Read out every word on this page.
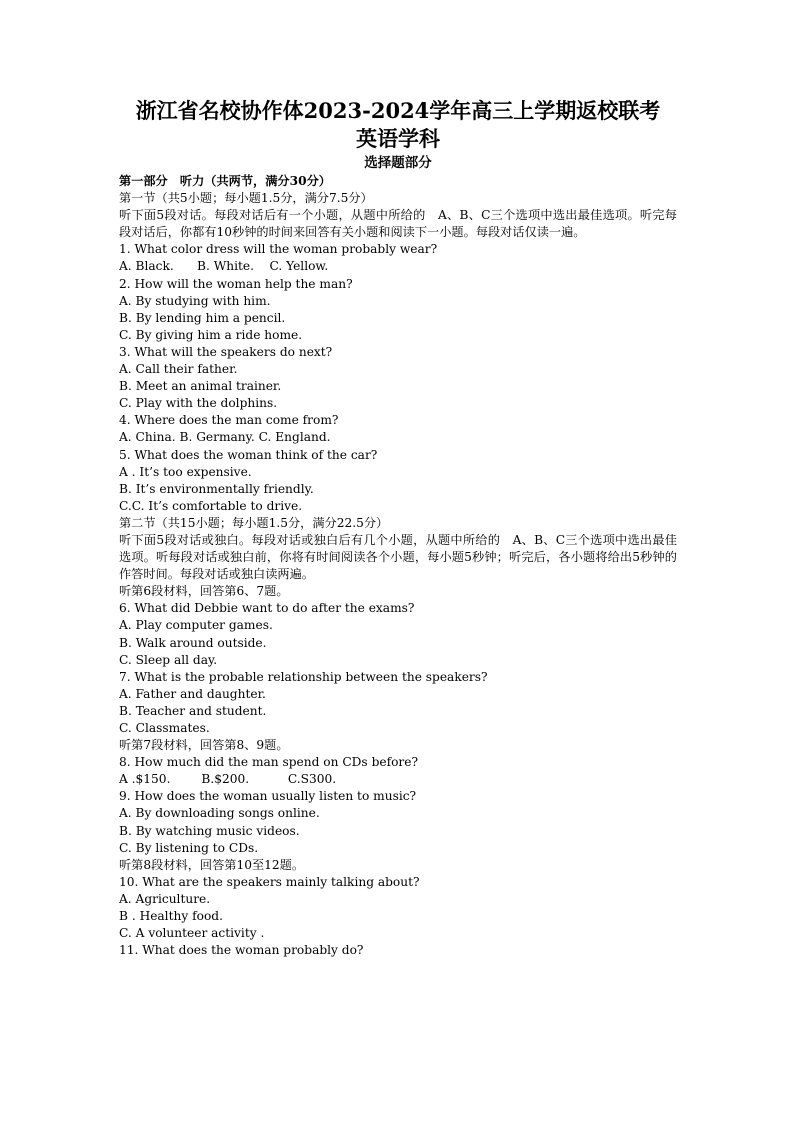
浙江省名校协作体2023-2024学年高三上学期返校联考
英语学科
选择题部分
第一部分　听力（共两节，满分30分）
第一节（共5小题；每小题1.5分，满分7.5分）
听下面5段对话。每段对话后有一个小题，从题中所给的　A、B、C三个选项中选出最佳选项。听完每段对话后，你都有10秒钟的时间来回答有关小题和阅读下一小题。每段对话仅读一遍。
1. What color dress will the woman probably wear?
A. Black.      B. White.    C. Yellow.
2. How will the woman help the man?
A. By studying with him.
B. By lending him a pencil.
C. By giving him a ride home.
3. What will the speakers do next?
A. Call their father.
B. Meet an animal trainer.
C. Play with the dolphins.
4. Where does the man come from?
A. China. B. Germany. C. England.
5. What does the woman think of the car?
A . It’s too expensive.
B. It’s environmentally friendly.
C.C. It’s comfortable to drive.
第二节（共15小题；每小题1.5分，满分22.5分）
听下面5段对话或独白。每段对话或独白后有几个小题，从题中所给的　A、B、C三个选项中选出最佳选项。听每段对话或独白前，你将有时间阅读各个小题，每小题5秒钟；听完后，各小题将给出5秒钟的作答时间。每段对话或独白读两遍。
听第6段材料，回答第6、7题。
6. What did Debbie want to do after the exams?
A. Play computer games.
B. Walk around outside.
C. Sleep all day.
7. What is the probable relationship between the speakers?
A. Father and daughter.
B. Teacher and student.
C. Classmates.
听第7段材料，回答第8、9题。
8. How much did the man spend on CDs before?
A .$150.        B.$200.          C.S300.
9. How does the woman usually listen to music?
A. By downloading songs online.
B. By watching music videos.
C. By listening to CDs.
听第8段材料，回答第10至12题。
10. What are the speakers mainly talking about?
A. Agriculture.
B . Healthy food.
C. A volunteer activity .
11. What does the woman probably do?
